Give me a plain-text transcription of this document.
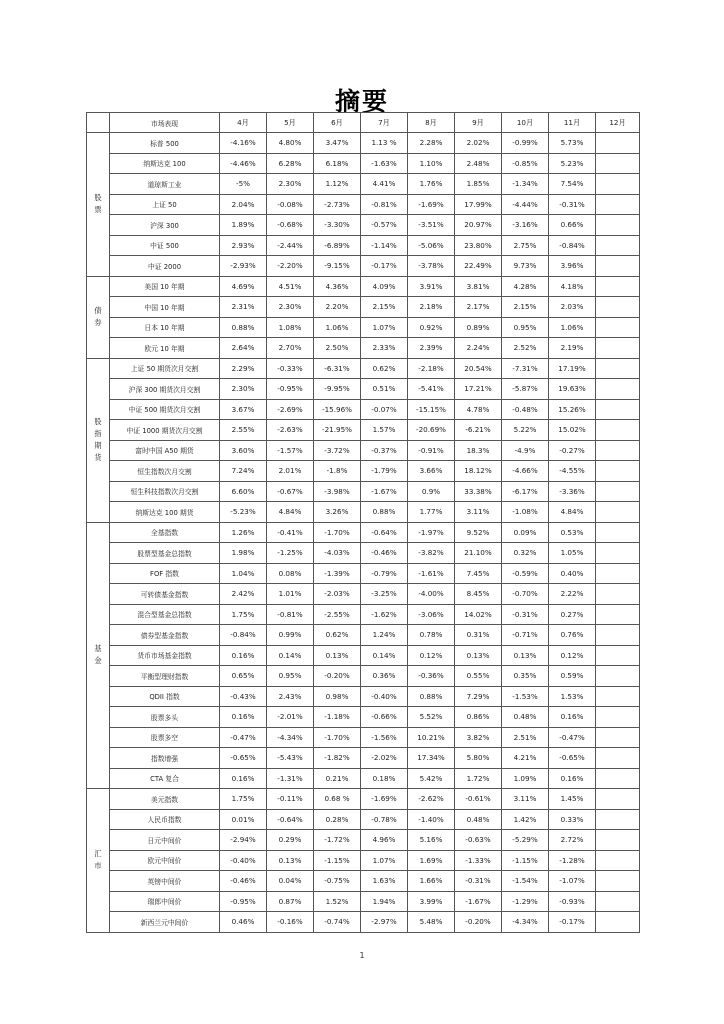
摘要
	市场表现	4月	5月	6月	7月	8月	9月	10月	11月	12月

股
票	标普 500	-4.16%	4.80%	3.47%	1.13 %	2.28%	2.02%	-0.99%	5.73%	
	纳斯达克 100	-4.46%	6.28%	6.18%	-1.63%	1.10%	2.48%	-0.85%	5.23%	
	道琼斯工业	-5%	2.30%	1.12%	4.41%	1.76%	1.85%	-1.34%	7.54%	
	上证 50	2.04%	-0.08%	-2.73%	-0.81%	-1.69%	17.99%	-4.44%	-0.31%	
	沪深 300	1.89%	-0.68%	-3.30%	-0.57%	-3.51%	20.97%	-3.16%	0.66%	
	中证 500	2.93%	-2.44%	-6.89%	-1.14%	-5.06%	23.80%	2.75%	-0.84%	
	中证 2000	-2.93%	-2.20%	-9.15%	-0.17%	-3.78%	22.49%	9.73%	3.96%	

债
券	美国 10 年期	4.69%	4.51%	4.36%	4.09%	3.91%	3.81%	4.28%	4.18%	
	中国 10 年期	2.31%	2.30%	2.20%	2.15%	2.18%	2.17%	2.15%	2.03%	
	日本 10 年期	0.88%	1.08%	1.06%	1.07%	0.92%	0.89%	0.95%	1.06%	
	欧元 10 年期	2.64%	2.70%	2.50%	2.33%	2.39%	2.24%	2.52%	2.19%	

股
指
期
货	上证 50 期货次月交割	2.29%	-0.33%	-6.31%	0.62%	-2.18%	20.54%	-7.31%	17.19%	
	沪深 300 期货次月交割	2.30%	-0.95%	-9.95%	0.51%	-5.41%	17.21%	-5.87%	19.63%	
	中证 500 期货次月交割	3.67%	-2.69%	-15.96%	-0.07%	-15.15%	4.78%	-0.48%	15.26%	
	中证 1000 期货次月交割	2.55%	-2.63%	-21.95%	1.57%	-20.69%	-6.21%	5.22%	15.02%	
	富时中国 A50 期货	3.60%	-1.57%	-3.72%	-0.37%	-0.91%	18.3%	-4.9%	-0.27%	
	恒生指数次月交割	7.24%	2.01%	-1.8%	-1.79%	3.66%	18.12%	-4.66%	-4.55%	
	恒生科技指数次月交割	6.60%	-0.67%	-3.98%	-1.67%	0.9%	33.38%	-6.17%	-3.36%	
	纳斯达克 100 期货	-5.23%	4.84%	3.26%	0.88%	1.77%	3.11%	-1.08%	4.84%	

基
金	全基指数	1.26%	-0.41%	-1.70%	-0.64%	-1.97%	9.52%	0.09%	0.53%	
	股票型基金总指数	1.98%	-1.25%	-4.03%	-0.46%	-3.82%	21.10%	0.32%	1.05%	
	FOF 指数	1.04%	0.08%	-1.39%	-0.79%	-1.61%	7.45%	-0.59%	0.40%	
	可转债基金指数	2.42%	1.01%	-2.03%	-3.25%	-4.00%	8.45%	-0.70%	2.22%	
	混合型基金总指数	1.75%	-0.81%	-2.55%	-1.62%	-3.06%	14.02%	-0.31%	0.27%	
	债券型基金指数	-0.84%	0.99%	0.62%	1.24%	0.78%	0.31%	-0.71%	0.76%	
	货币市场基金指数	0.16%	0.14%	0.13%	0.14%	0.12%	0.13%	0.13%	0.12%	
	平衡型理财指数	0.65%	0.95%	-0.20%	0.36%	-0.36%	0.55%	0.35%	0.59%	
	QDII 指数	-0.43%	2.43%	0.98%	-0.40%	0.88%	7.29%	-1.53%	1.53%	
	股票多头	0.16%	-2.01%	-1.18%	-0.66%	5.52%	0.86%	0.48%	0.16%	
	股票多空	-0.47%	-4.34%	-1.70%	-1.56%	10.21%	3.82%	2.51%	-0.47%	
	指数增强	-0.65%	-5.43%	-1.82%	-2.02%	17.34%	5.80%	4.21%	-0.65%	
	CTA 复合	0.16%	-1.31%	0.21%	0.18%	5.42%	1.72%	1.09%	0.16%	

汇
市	美元指数	1.75%	-0.11%	0.68 %	-1.69%	-2.62%	-0.61%	3.11%	1.45%	
	人民币指数	0.01%	-0.64%	0.28%	-0.78%	-1.40%	0.48%	1.42%	0.33%	
	日元中间价	-2.94%	0.29%	-1.72%	4.96%	5.16%	-0.63%	-5.29%	2.72%	
	欧元中间价	-0.40%	0.13%	-1.15%	1.07%	1.69%	-1.33%	-1.15%	-1.28%	
	英镑中间价	-0.46%	0.04%	-0.75%	1.63%	1.66%	-0.31%	-1.54%	-1.07%	
	瑞郎中间价	-0.95%	0.87%	1.52%	1.94%	3.99%	-1.67%	-1.29%	-0.93%	
	新西兰元中间价	0.46%	-0.16%	-0.74%	-2.97%	5.48%	-0.20%	-4.34%	-0.17%	
1
